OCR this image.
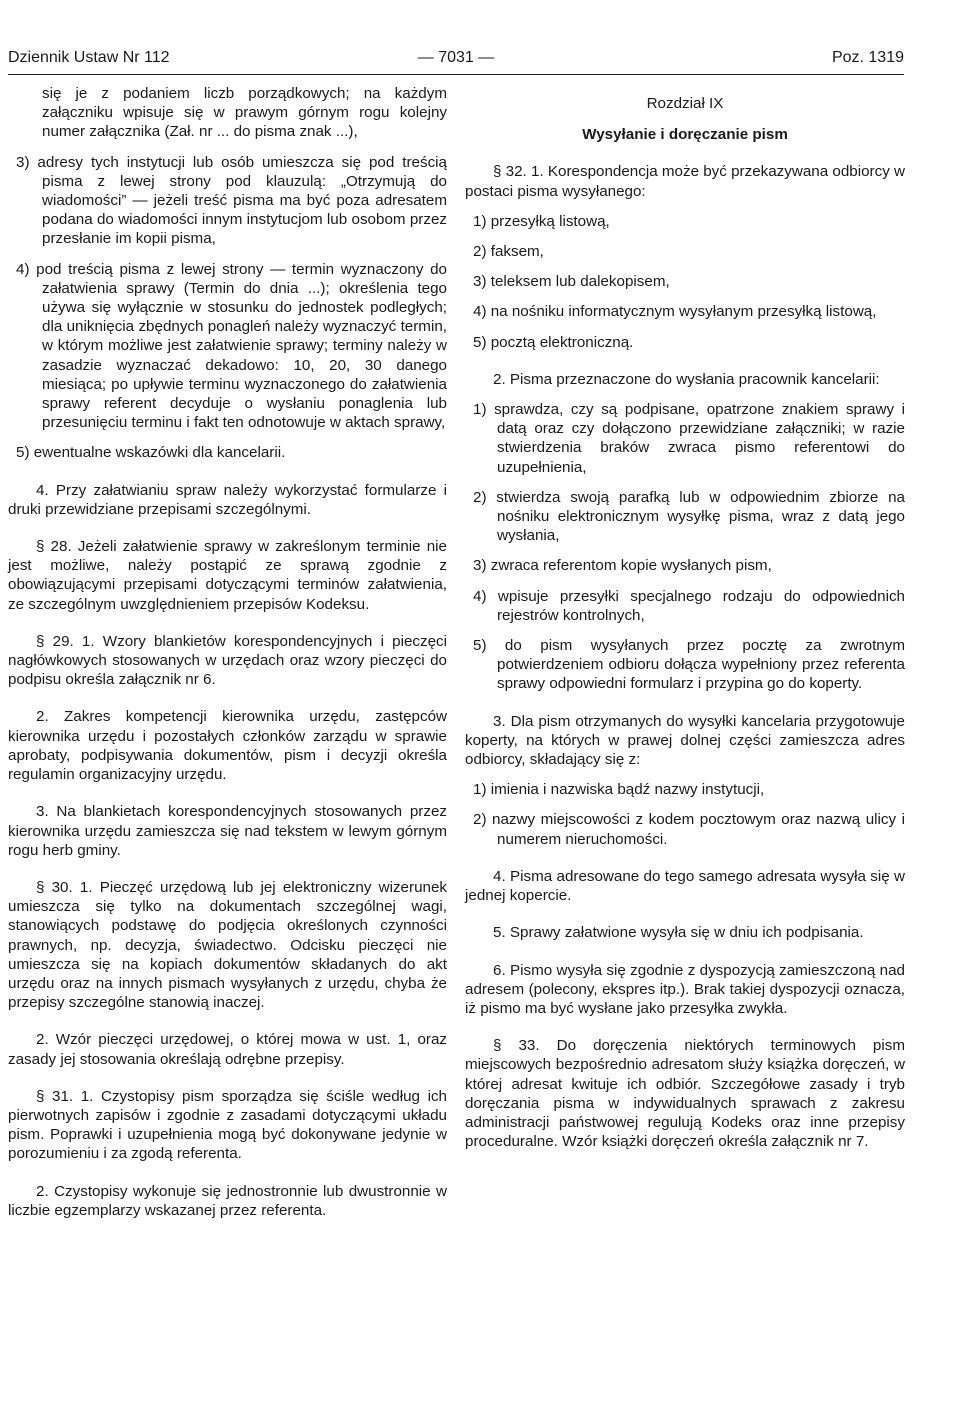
Dziennik Ustaw Nr 112	— 7031 —	Poz. 1319

się je z podaniem liczb porządkowych; na każdym załączniku wpisuje się w prawym górnym rogu kolejny numer załącznika (Zał. nr ... do pisma znak ...),

3) adresy tych instytucji lub osób umieszcza się pod treścią pisma z lewej strony pod klauzulą: „Otrzymują do wiadomości” — jeżeli treść pisma ma być poza adresatem podana do wiadomości innym instytucjom lub osobom przez przesłanie im kopii pisma,

4) pod treścią pisma z lewej strony — termin wyznaczony do załatwienia sprawy (Termin do dnia ...); określenia tego używa się wyłącznie w stosunku do jednostek podległych; dla uniknięcia zbędnych ponagleń należy wyznaczyć termin, w którym możliwe jest załatwienie sprawy; terminy należy w zasadzie wyznaczać dekadowo: 10, 20, 30 danego miesiąca; po upływie terminu wyznaczonego do załatwienia sprawy referent decyduje o wysłaniu ponaglenia lub przesunięciu terminu i fakt ten odnotowuje w aktach sprawy,

5) ewentualne wskazówki dla kancelarii.

4. Przy załatwianiu spraw należy wykorzystać formularze i druki przewidziane przepisami szczególnymi.

§ 28. Jeżeli załatwienie sprawy w zakreślonym terminie nie jest możliwe, należy postąpić ze sprawą zgodnie z obowiązującymi przepisami dotyczącymi terminów załatwienia, ze szczególnym uwzględnieniem przepisów Kodeksu.

§ 29. 1. Wzory blankietów korespondencyjnych i pieczęci nagłówkowych stosowanych w urzędach oraz wzory pieczęci do podpisu określa załącznik nr 6.

2. Zakres kompetencji kierownika urzędu, zastępców kierownika urzędu i pozostałych członków zarządu w sprawie aprobaty, podpisywania dokumentów, pism i decyzji określa regulamin organizacyjny urzędu.

3. Na blankietach korespondencyjnych stosowanych przez kierownika urzędu zamieszcza się nad tekstem w lewym górnym rogu herb gminy.

§ 30. 1. Pieczęć urzędową lub jej elektroniczny wizerunek umieszcza się tylko na dokumentach szczególnej wagi, stanowiących podstawę do podjęcia określonych czynności prawnych, np. decyzja, świadectwo. Odcisku pieczęci nie umieszcza się na kopiach dokumentów składanych do akt urzędu oraz na innych pismach wysyłanych z urzędu, chyba że przepisy szczególne stanowią inaczej.

2. Wzór pieczęci urzędowej, o której mowa w ust. 1, oraz zasady jej stosowania określają odrębne przepisy.

§ 31. 1. Czystopisy pism sporządza się ściśle według ich pierwotnych zapisów i zgodnie z zasadami dotyczącymi układu pism. Poprawki i uzupełnienia mogą być dokonywane jedynie w porozumieniu i za zgodą referenta.

2. Czystopisy wykonuje się jednostronnie lub dwustronnie w liczbie egzemplarzy wskazanej przez referenta.

Rozdział IX

Wysyłanie i doręczanie pism

§ 32. 1. Korespondencja może być przekazywana odbiorcy w postaci pisma wysyłanego:

1) przesyłką listową,

2) faksem,

3) teleksem lub dalekopisem,

4) na nośniku informatycznym wysyłanym przesyłką listową,

5) pocztą elektroniczną.

2. Pisma przeznaczone do wysłania pracownik kancelarii:

1) sprawdza, czy są podpisane, opatrzone znakiem sprawy i datą oraz czy dołączono przewidziane załączniki; w razie stwierdzenia braków zwraca pismo referentowi do uzupełnienia,

2) stwierdza swoją parafką lub w odpowiednim zbiorze na nośniku elektronicznym wysyłkę pisma, wraz z datą jego wysłania,

3) zwraca referentom kopie wysłanych pism,

4) wpisuje przesyłki specjalnego rodzaju do odpowiednich rejestrów kontrolnych,

5) do pism wysyłanych przez pocztę za zwrotnym potwierdzeniem odbioru dołącza wypełniony przez referenta sprawy odpowiedni formularz i przypina go do koperty.

3. Dla pism otrzymanych do wysyłki kancelaria przygotowuje koperty, na których w prawej dolnej części zamieszcza adres odbiorcy, składający się z:

1) imienia i nazwiska bądź nazwy instytucji,

2) nazwy miejscowości z kodem pocztowym oraz nazwą ulicy i numerem nieruchomości.

4. Pisma adresowane do tego samego adresata wysyła się w jednej kopercie.

5. Sprawy załatwione wysyła się w dniu ich podpisania.

6. Pismo wysyła się zgodnie z dyspozycją zamieszczoną nad adresem (polecony, ekspres itp.). Brak takiej dyspozycji oznacza, iż pismo ma być wysłane jako przesyłka zwykła.

§ 33. Do doręczenia niektórych terminowych pism miejscowych bezpośrednio adresatom służy książka doręczeń, w której adresat kwituje ich odbiór. Szczegółowe zasady i tryb doręczania pisma w indywidualnych sprawach z zakresu administracji państwowej regulują Kodeks oraz inne przepisy proceduralne. Wzór książki doręczeń określa załącznik nr 7.
